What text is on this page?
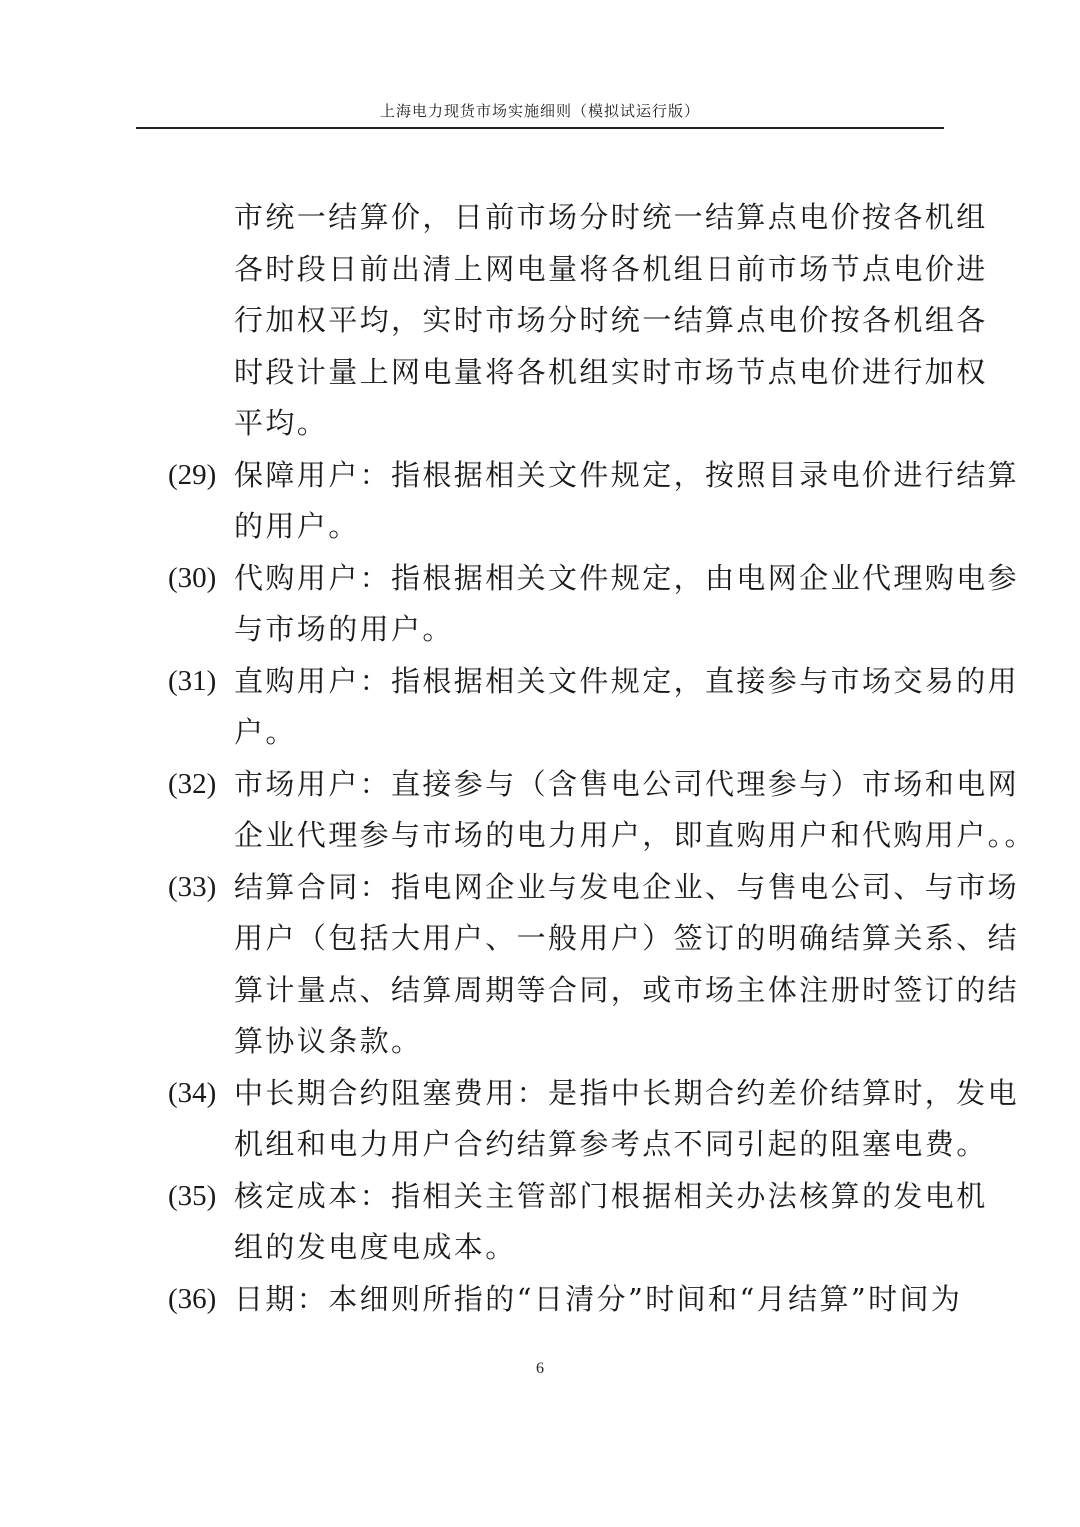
上海电力现货市场实施细则（模拟试运行版）
市统一结算价，日前市场分时统一结算点电价按各机组
各时段日前出清上网电量将各机组日前市场节点电价进
行加权平均，实时市场分时统一结算点电价按各机组各
时段计量上网电量将各机组实时市场节点电价进行加权
平均。
(29) 保障用户：指根据相关文件规定，按照目录电价进行结算
的用户。
(30) 代购用户：指根据相关文件规定，由电网企业代理购电参
与市场的用户。
(31) 直购用户：指根据相关文件规定，直接参与市场交易的用
户。
(32) 市场用户：直接参与（含售电公司代理参与）市场和电网
企业代理参与市场的电力用户，即直购用户和代购用户。。
(33) 结算合同：指电网企业与发电企业、与售电公司、与市场
用户（包括大用户、一般用户）签订的明确结算关系、结
算计量点、结算周期等合同，或市场主体注册时签订的结
算协议条款。
(34) 中长期合约阻塞费用：是指中长期合约差价结算时，发电
机组和电力用户合约结算参考点不同引起的阻塞电费。
(35) 核定成本：指相关主管部门根据相关办法核算的发电机
组的发电度电成本。
(36) 日期：本细则所指的“日清分”时间和“月结算”时间为
6
